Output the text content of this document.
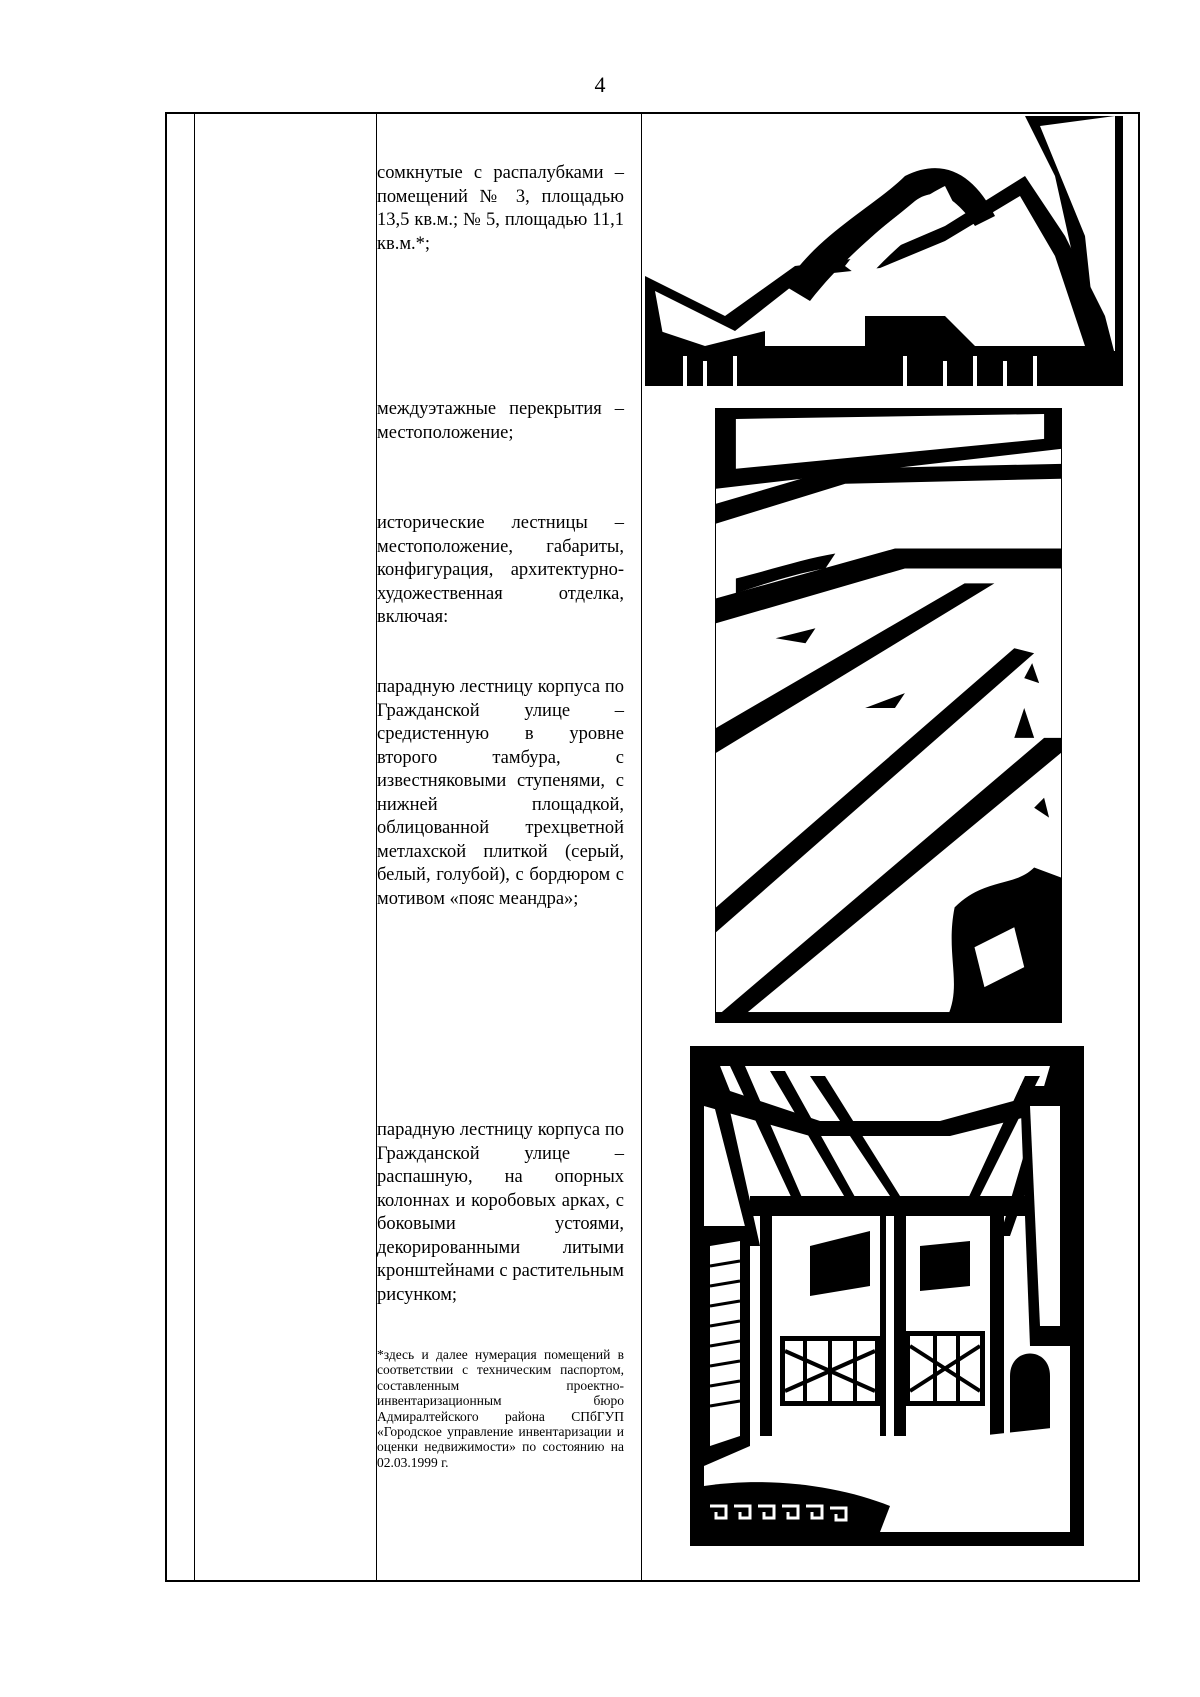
4
сомкнутые с распалубками – помещений № 3, площадью 13,5 кв.м.; № 5, площадью 11,1 кв.м.*;
междуэтажные перекрытия – местоположение;
исторические лестницы – местоположение, габариты, конфигурация, архитектурно-художественная отделка, включая:
парадную лестницу корпуса по Гражданской улице – средистенную в уровне второго тамбура, с известняковыми ступенями, с нижней площадкой, облицованной трехцветной метлахской плиткой (серый, белый, голубой), с бордюром с мотивом «пояс меандра»;
парадную лестницу корпуса по Гражданской улице – распашную, на опорных колоннах и коробовых арках, с боковыми устоями, декорированными литыми кронштейнами с растительным рисунком;
*здесь и далее нумерация помещений в соответствии с техническим паспортом, составленным проектно-инвентаризационным бюро Адмиралтейского района СПбГУП «Городское управление инвентаризации и оценки недвижимости» по состоянию на 02.03.1999 г.
